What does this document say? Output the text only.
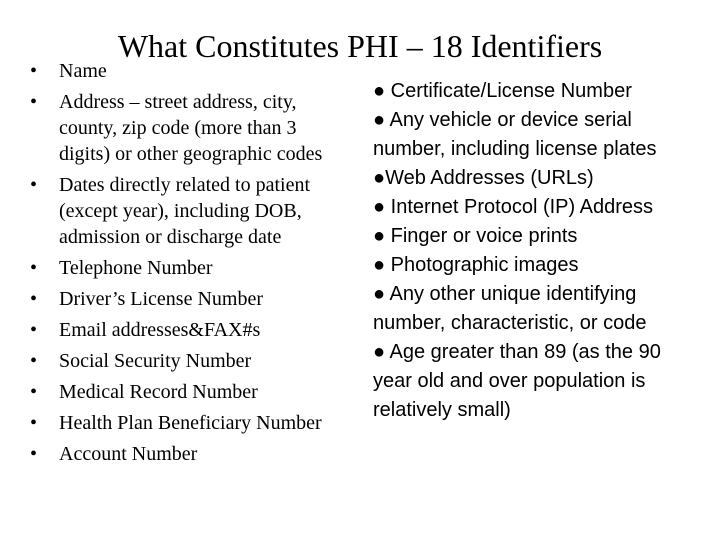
What Constitutes PHI – 18 Identifiers
• Name
• Address – street address, city, county, zip code (more than 3 digits) or other geographic codes
• Dates directly related to patient (except year), including DOB, admission or discharge date
• Telephone Number
• Driver’s License Number
• Email addresses&FAX#s
• Social Security Number
• Medical Record Number
• Health Plan Beneficiary Number
• Account Number
● Certificate/License Number
● Any vehicle or device serial number, including license plates
●Web Addresses (URLs)
● Internet Protocol (IP) Address
● Finger or voice prints
● Photographic images
● Any other unique identifying number, characteristic, or code
● Age greater than 89 (as the 90 year old and over population is relatively small)
